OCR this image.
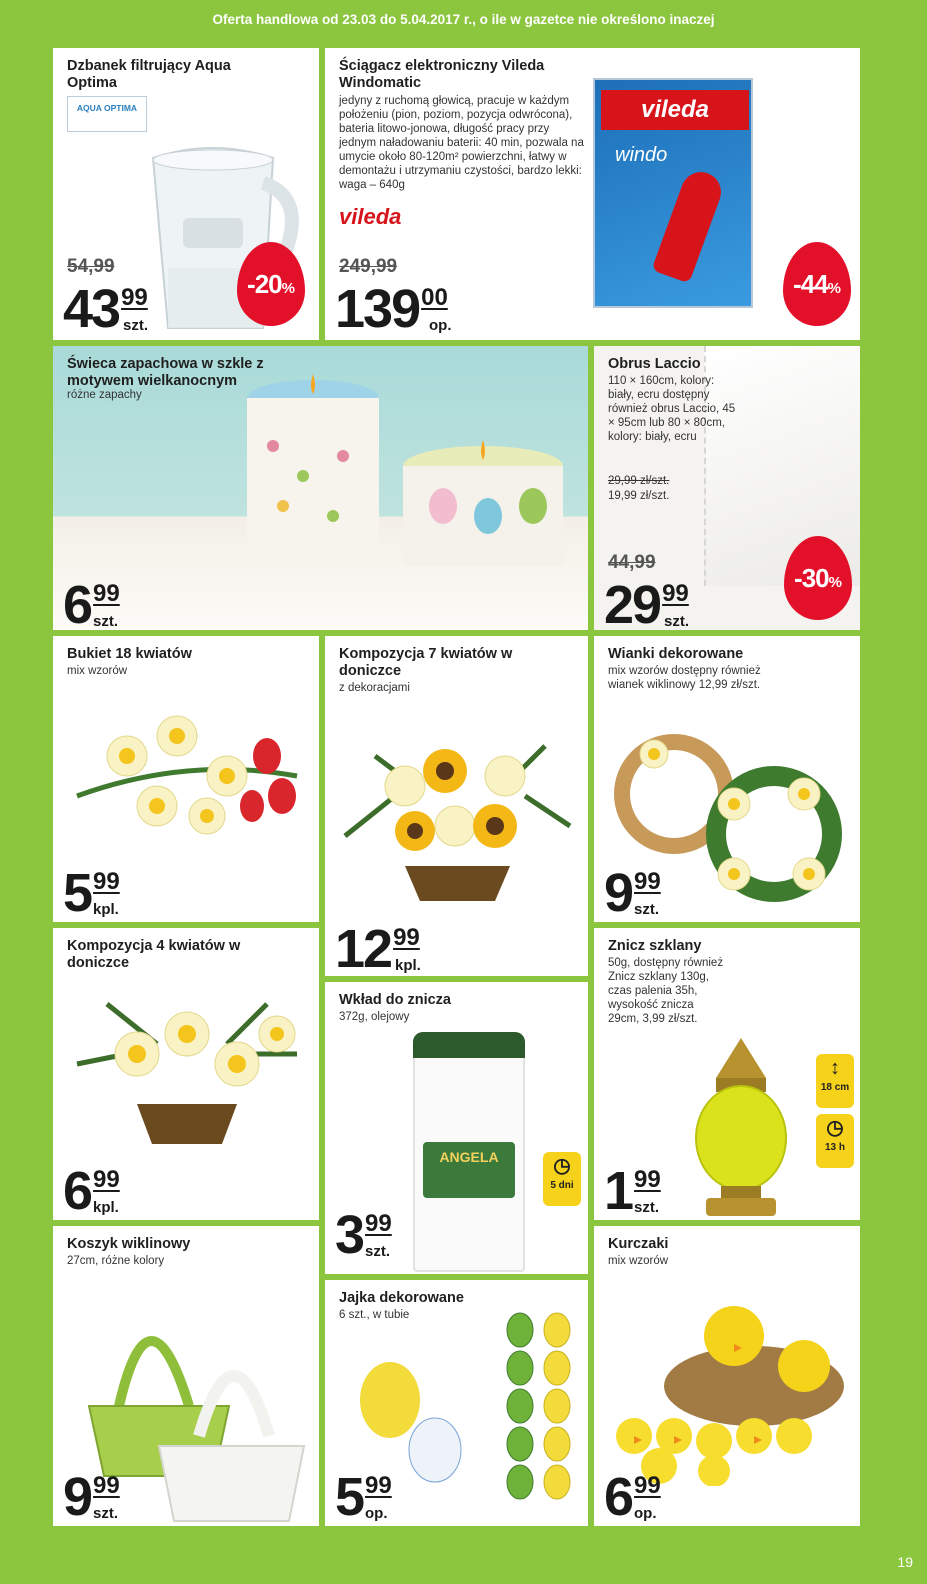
Oferta handlowa od 23.03 do 5.04.2017 r., o ile w gazetce nie określono inaczej
Dzbanek filtrujący Aqua Optima
AQUA OPTIMA
54,99
4399
szt.
-20%
Ściągacz elektroniczny Vileda Windomatic
jedyny z ruchomą głowicą, pracuje w każdym położeniu (pion, poziom, pozycja odwrócona), bateria litowo-jonowa, długość pracy przy jednym naładowaniu baterii: 40 min, pozwala na umycie około 80-120m² powierzchni, łatwy w demontażu i utrzymaniu czystości, bardzo lekki: waga – 640g
vileda
vileda
windo
249,99
13900
op.
-44%
Świeca zapachowa w szkle z motywem wielkanocnym
różne zapachy
699
szt.
Obrus Laccio
110 × 160cm, kolory: biały, ecru dostępny również obrus Laccio, 45 × 95cm lub 80 × 80cm, kolory: biały, ecru
29,99 zł/szt.
19,99 zł/szt.
44,99
2999
szt.
-30%
Bukiet 18 kwiatów
mix wzorów
599
kpl.
Kompozycja 7 kwiatów w doniczce
z dekoracjami
1299
kpl.
Wianki dekorowane
mix wzorów dostępny również wianek wiklinowy 12,99 zł/szt.
999
szt.
Kompozycja 4 kwiatów w doniczce
699
kpl.
Wkład do znicza
372g, olejowy
ANGELA	◷
5 dni
399
szt.
Znicz szklany
50g, dostępny również Znicz szklany 130g, czas palenia 35h, wysokość znicza 29cm, 3,99 zł/szt.
↕
18 cm
◷
13 h
199
szt.
Koszyk wiklinowy
27cm, różne kolory
999
szt.
Jajka dekorowane
6 szt., w tubie
599
op.
Kurczaki
mix wzorów
699
op.
19
